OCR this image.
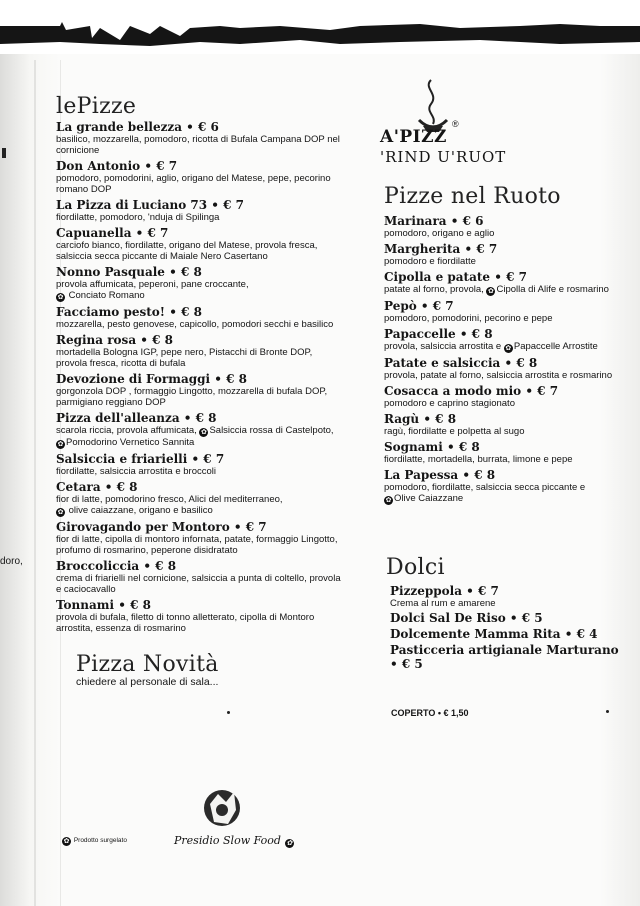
doro,
lePizze
La grande bellezza • € 6
basilico, mozzarella, pomodoro, ricotta di Bufala Campana DOP nel cornicione
Don Antonio • € 7
pomodoro, pomodorini, aglio, origano del Matese, pepe, pecorino romano DOP
La Pizza di Luciano 73 • € 7
fiordilatte, pomodoro, 'nduja di Spilinga
Capuanella • € 7
carciofo bianco, fiordilatte, origano del Matese, provola fresca, salsiccia secca piccante di Maiale Nero Casertano
Nonno Pasquale • € 8
provola affumicata, peperoni, pane croccante,
✿ Conciato Romano
Facciamo pesto! • € 8
mozzarella, pesto genovese, capicollo, pomodori secchi e basilico
Regina rosa • € 8
mortadella Bologna IGP, pepe nero, Pistacchi di Bronte DOP, provola fresca, ricotta di bufala
Devozione di Formaggi • € 8
gorgonzola DOP , formaggio Lingotto, mozzarella di bufala DOP, parmigiano reggiano DOP
Pizza dell'alleanza • € 8
scarola riccia, provola affumicata, ✿ Salsiccia rossa di Castelpoto, ✿ Pomodorino Vernetico Sannita
Salsiccia e friarielli • € 7
fiordilatte, salsiccia arrostita e broccoli
Cetara • € 8
fior di latte, pomodorino fresco, Alici del mediterraneo,
✿ olive caiazzane, origano e basilico
Girovagando per Montoro • € 7
fior di latte, cipolla di montoro infornata, patate, formaggio Lingotto, profumo di rosmarino, peperone disidratato
Broccoliccia • € 8
crema di friarielli nel cornicione, salsiccia a punta di coltello, provola e caciocavallo
Tonnami • € 8
provola di bufala, filetto di tonno alletterato, cipolla di Montoro arrostita, essenza di rosmarino
Pizza Novità
chiedere al personale di sala...
A'PIZZ
®
'RIND U'RUOT
Pizze nel Ruoto
Marinara • € 6
pomodoro, origano e aglio
Margherita • € 7
pomodoro e fiordilatte
Cipolla e patate • € 7
patate al forno, provola, ✿ Cipolla di Alife e rosmarino
Pepò • € 7
pomodoro, pomodorini, pecorino e pepe
Papaccelle • € 8
provola, salsiccia arrostita e ✿ Papaccelle Arrostite
Patate e salsiccia • € 8
provola, patate al forno, salsiccia arrostita e rosmarino
Cosacca a modo mio • € 7
pomodoro e caprino stagionato
Ragù • € 8
ragù, fiordilatte e polpetta al sugo
Sognami • € 8
fiordilatte, mortadella, burrata, limone e pepe
La Papessa • € 8
pomodoro, fiordilatte, salsiccia secca piccante e
✿ Olive Caiazzane
Dolci
Pizzeppola • € 7
Crema al rum e amarene
Dolci Sal De Riso • € 5
Dolcemente Mamma Rita • € 4
Pasticceria artigianale Marturano • € 5
COPERTO • € 1,50
✿ Prodotto surgelato	Presidio Slow Food ✿
